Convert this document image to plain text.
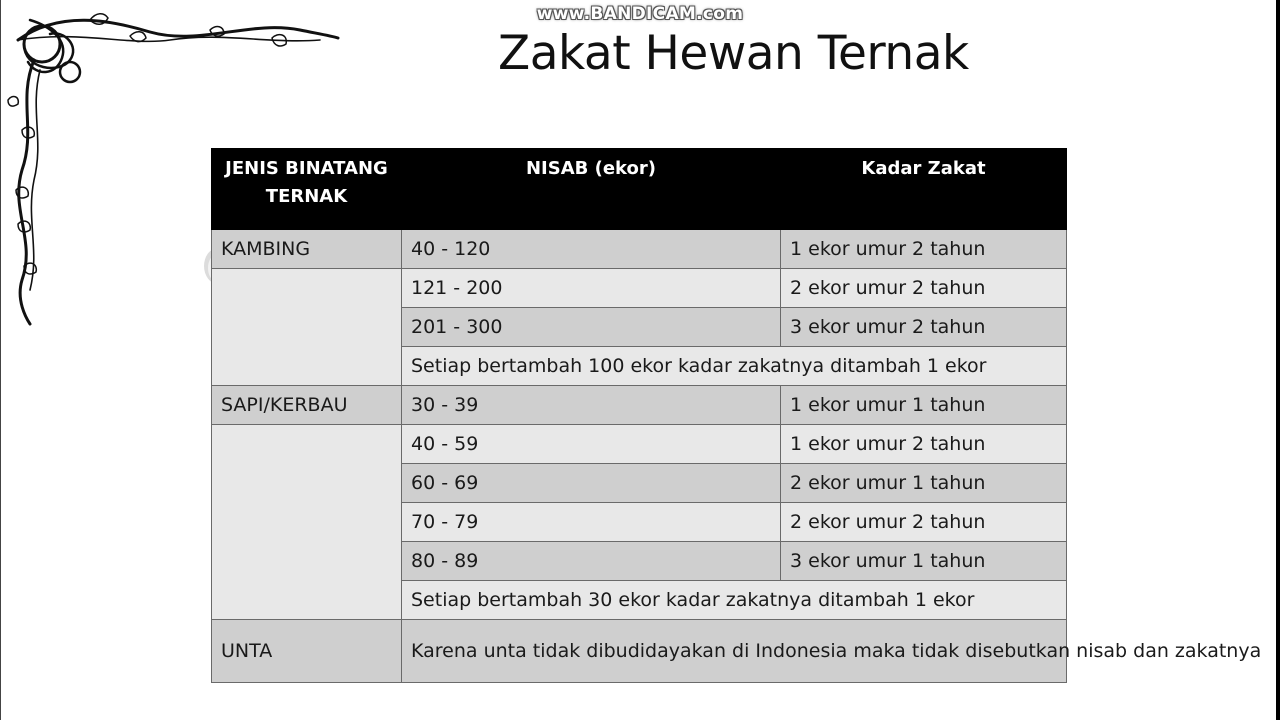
www.BANDICAM.com
Zakat Hewan Ternak
JENIS BINATANG TERNAK	NISAB (ekor)	Kadar Zakat
KAMBING	40 - 120	1 ekor umur 2 tahun
	121 - 200	2 ekor umur 2 tahun
	201 - 300	3 ekor umur 2 tahun
	Setiap bertambah 100 ekor kadar zakatnya ditambah 1 ekor	
SAPI/KERBAU	30 - 39	1 ekor umur 1 tahun
	40 - 59	1 ekor umur 2 tahun
	60 - 69	2 ekor umur 1 tahun
	70 - 79	2 ekor umur 2 tahun
	80 - 89	3 ekor umur 1 tahun
	Setiap bertambah 30 ekor kadar zakatnya ditambah 1 ekor	
UNTA	Karena unta tidak dibudidayakan di Indonesia maka tidak disebutkan nisab dan zakatnya	
